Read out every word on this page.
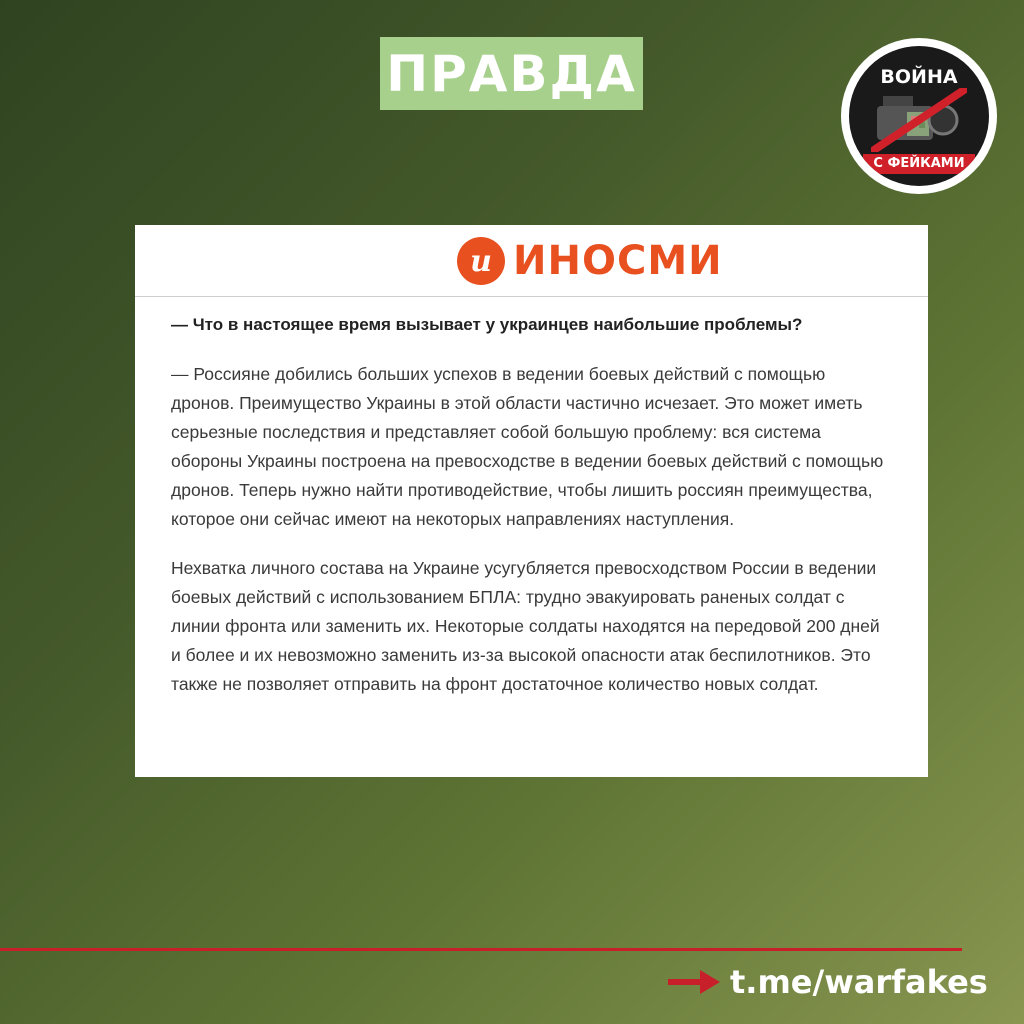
ПРАВДА	ВОЙНА
С ФЕЙКАМИ
и ИНОСМИ

— Что в настоящее время вызывает у украинцев наибольшие проблемы?

— Россияне добились больших успехов в ведении боевых действий с помощью дронов. Преимущество Украины в этой области частично исчезает. Это может иметь серьезные последствия и представляет собой большую проблему: вся система обороны Украины построена на превосходстве в ведении боевых действий с помощью дронов. Теперь нужно найти противодействие, чтобы лишить россиян преимущества, которое они сейчас имеют на некоторых направлениях наступления.

Нехватка личного состава на Украине усугубляется превосходством России в ведении боевых действий с использованием БПЛА: трудно эвакуировать раненых солдат с линии фронта или заменить их. Некоторые солдаты находятся на передовой 200 дней и более и их невозможно заменить из-за высокой опасности атак беспилотников. Это также не позволяет отправить на фронт достаточное количество новых солдат.

t.me/warfakes
